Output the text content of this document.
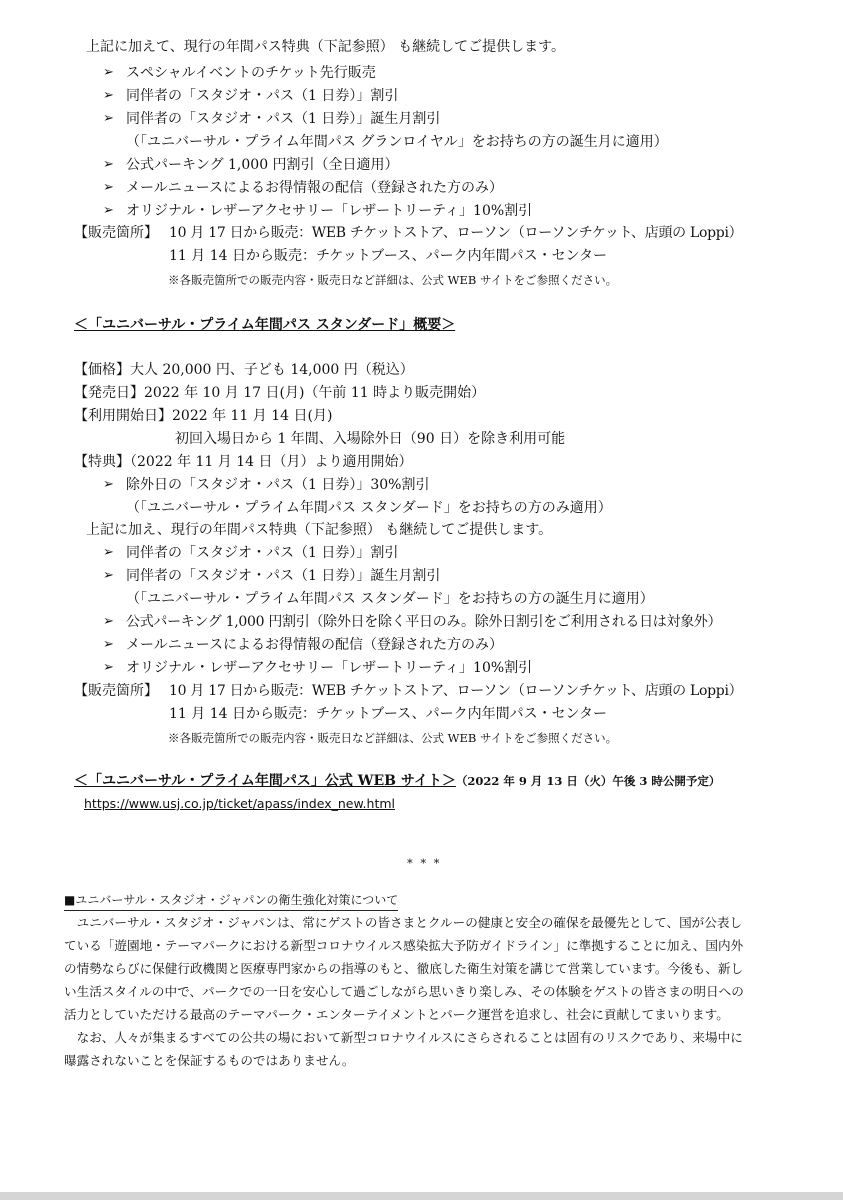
上記に加えて、現行の年間パス特典（下記参照） も継続してご提供します。
➢ スペシャルイベントのチケット先行販売
➢ 同伴者の「スタジオ・パス（1 日券）」割引
➢ 同伴者の「スタジオ・パス（1 日券）」誕生月割引
（「ユニバーサル・プライム年間パス グランロイヤル」をお持ちの方の誕生月に適用）
➢ 公式パーキング 1,000 円割引（全日適用）
➢ メールニュースによるお得情報の配信（登録された方のみ）
➢ オリジナル・レザーアクセサリー「レザートリーティ」10%割引
【販売箇所】 10 月 17 日から販売：WEB チケットストア、ローソン（ローソンチケット、店頭の Loppi）
11 月 14 日から販売：チケットブース、パーク内年間パス・センター
※各販売箇所での販売内容・販売日など詳細は、公式 WEB サイトをご参照ください。
＜「ユニバーサル・プライム年間パス スタンダード」概要＞
【価格】大人 20,000 円、子ども 14,000 円（税込）
【発売日】2022 年 10 月 17 日(月)（午前 11 時より販売開始）
【利用開始日】2022 年 11 月 14 日(月)
初回入場日から 1 年間、入場除外日（90 日）を除き利用可能
【特典】（2022 年 11 月 14 日（月）より適用開始）
➢ 除外日の「スタジオ・パス（1 日券）」30%割引
（「ユニバーサル・プライム年間パス スタンダード」をお持ちの方のみ適用）
上記に加え、現行の年間パス特典（下記参照） も継続してご提供します。
➢ 同伴者の「スタジオ・パス（1 日券）」割引
➢ 同伴者の「スタジオ・パス（1 日券）」誕生月割引
（「ユニバーサル・プライム年間パス スタンダード」をお持ちの方の誕生月に適用）
➢ 公式パーキング 1,000 円割引（除外日を除く平日のみ。除外日割引をご利用される日は対象外）
➢ メールニュースによるお得情報の配信（登録された方のみ）
➢ オリジナル・レザーアクセサリー「レザートリーティ」10%割引
【販売箇所】 10 月 17 日から販売：WEB チケットストア、ローソン（ローソンチケット、店頭の Loppi）
11 月 14 日から販売：チケットブース、パーク内年間パス・センター
※各販売箇所での販売内容・販売日など詳細は、公式 WEB サイトをご参照ください。
＜「ユニバーサル・プライム年間パス」公式 WEB サイト＞（2022 年 9 月 13 日（火）午後 3 時公開予定）
https://www.usj.co.jp/ticket/apass/index_new.html
* * *
■ユニバーサル・スタジオ・ジャパンの衛生強化対策について
　ユニバーサル・スタジオ・ジャパンは、常にゲストの皆さまとクルーの健康と安全の確保を最優先として、国が公表し
ている「遊園地・テーマパークにおける新型コロナウイルス感染拡大予防ガイドライン」に準拠することに加え、国内外
の情勢ならびに保健行政機関と医療専門家からの指導のもと、徹底した衛生対策を講じて営業しています。今後も、新し
い生活スタイルの中で、パークでの一日を安心して過ごしながら思いきり楽しみ、その体験をゲストの皆さまの明日への
活力としていただける最高のテーマパーク・エンターテイメントとパーク運営を追求し、社会に貢献してまいります。
　なお、人々が集まるすべての公共の場において新型コロナウイルスにさらされることは固有のリスクであり、来場中に
曝露されないことを保証するものではありません。
